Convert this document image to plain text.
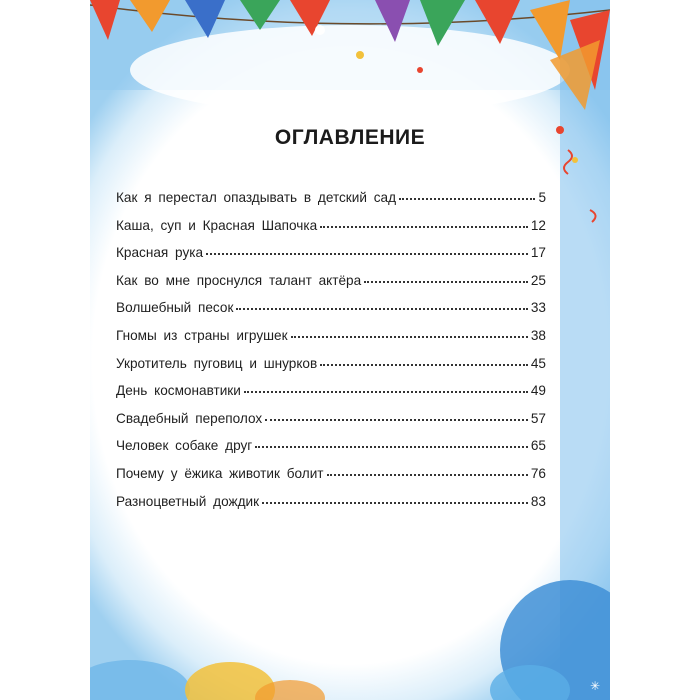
✳
ОГЛАВЛЕНИЕ
Как я перестал опаздывать в детский сад	5
Каша, суп и Красная Шапочка	12
Красная рука	17
Как во мне проснулся талант актёра	25
Волшебный песок	33
Гномы из страны игрушек	38
Укротитель пуговиц и шнурков	45
День космонавтики	49
Свадебный переполох	57
Человек собаке друг	65
Почему у ёжика животик болит	76
Разноцветный дождик	83
